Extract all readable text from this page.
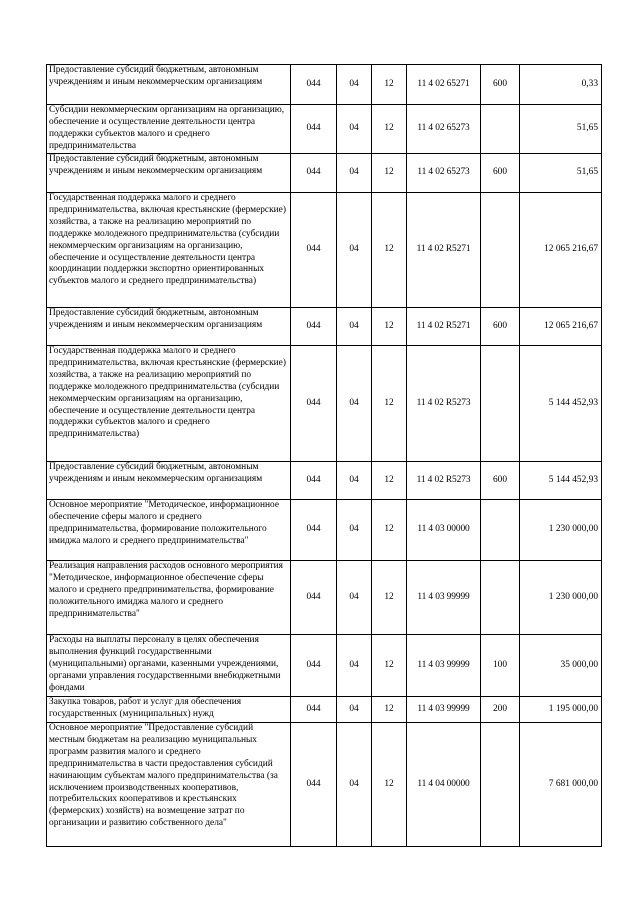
Предоставление субсидий бюджетным, автономным учреждениям и иным некоммерческим организациям	044	04	12	11 4 02 65271	600	0,33
Субсидии некоммерческим организациям на организацию, обеспечение и осуществление деятельности центра поддержки субъектов малого и среднего предпринимательства	044	04	12	11 4 02 65273		51,65
Предоставление субсидий бюджетным, автономным учреждениям и иным некоммерческим организациям	044	04	12	11 4 02 65273	600	51,65
Государственная поддержка малого и среднего предпринимательства, включая крестьянские (фермерские) хозяйства, а также на реализацию мероприятий по поддержке молодежного предпринимательства (субсидии некоммерческим организациям на организацию, обеспечение и осуществление деятельности центра координации поддержки экспортно ориентированных субъектов малого и среднего предпринимательства)	044	04	12	11 4 02 R5271		12 065 216,67
Предоставление субсидий бюджетным, автономным учреждениям и иным некоммерческим организациям	044	04	12	11 4 02 R5271	600	12 065 216,67
Государственная поддержка малого и среднего предпринимательства, включая крестьянские (фермерские) хозяйства, а также на реализацию мероприятий по поддержке молодежного предпринимательства (субсидии некоммерческим организациям на организацию, обеспечение и осуществление деятельности центра поддержки субъектов малого и среднего предпринимательства)	044	04	12	11 4 02 R5273		5 144 452,93
Предоставление субсидий бюджетным, автономным учреждениям и иным некоммерческим организациям	044	04	12	11 4 02 R5273	600	5 144 452,93
Основное мероприятие "Методическое, информационное обеспечение сферы малого и среднего предпринимательства, формирование положительного имиджа малого и среднего предпринимательства"	044	04	12	11 4 03 00000		1 230 000,00
Реализация направления расходов основного мероприятия "Методическое, информационное обеспечение сферы малого и среднего предпринимательства, формирование положительного имиджа малого и среднего предпринимательства"	044	04	12	11 4 03 99999		1 230 000,00
Расходы на выплаты персоналу в целях обеспечения выполнения функций государственными (муниципальными) органами, казенными учреждениями, органами управления государственными внебюджетными фондами	044	04	12	11 4 03 99999	100	35 000,00
Закупка товаров, работ и услуг для обеспечения государственных (муниципальных) нужд	044	04	12	11 4 03 99999	200	1 195 000,00
Основное мероприятие "Предоставление субсидий местным бюджетам на реализацию муниципальных программ развития малого и среднего предпринимательства в части предоставления субсидий начинающим субъектам малого предпринимательства (за исключением производственных кооперативов, потребительских кооперативов и крестьянских (фермерских) хозяйств) на возмещение затрат по организации и развитию собственного дела"	044	04	12	11 4 04 00000		7 681 000,00
